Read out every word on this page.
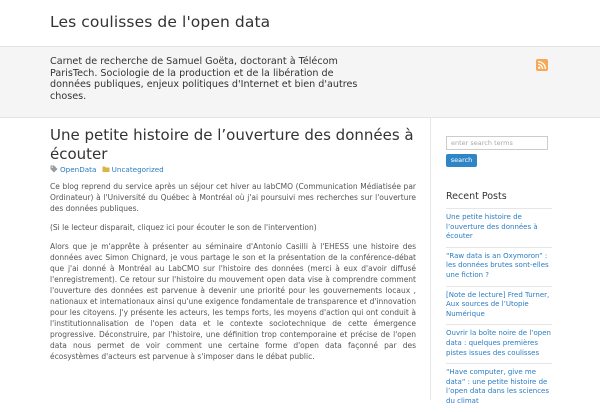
Les coulisses de l'open data
Carnet de recherche de Samuel Goëta, doctorant à Télécom ParisTech. Sociologie de la production et de la libération de données publiques, enjeux politiques d'Internet et bien d'autres choses.
Une petite histoire de l’ouverture des données à écouter
OpenData Uncategorized

Ce blog reprend du service après un séjour cet hiver au labCMO (Communication Médiatisée par Ordinateur) à l'Université du Québec à Montréal où j'ai poursuivi mes recherches sur l'ouverture des données publiques.

(Si le lecteur disparait, cliquez ici pour écouter le son de l'intervention)

Alors que je m'apprête à présenter au séminaire d'Antonio Casilli à l'EHESS une histoire des données avec Simon Chignard, je vous partage le son et la présentation de la conférence-débat que j'ai donné à Montréal au LabCMO sur l'histoire des données (merci à eux d'avoir diffusé l'enregistrement). Ce retour sur l'histoire du mouvement open data vise à comprendre comment l'ouverture des données est parvenue à devenir une priorité pour les gouvernements locaux , nationaux et internationaux ainsi qu'une exigence fondamentale de transparence et d'innovation pour les citoyens. J'y présente les acteurs, les temps forts, les moyens d'action qui ont conduit à l'institutionnalisation de l'open data et le contexte sociotechnique de cette émergence progressive. Déconstruire, par l'histoire, une définition trop contemporaine et précise de l'open data nous permet de voir comment une certaine forme d'open data façonné par des écosystèmes d'acteurs est parvenue à s'imposer dans le débat public.

enter search terms
search
Recent Posts
Une petite histoire de l’ouverture des données à écouter
“Raw data is an Oxymoron” : les données brutes sont-elles une fiction ?
[Note de lecture] Fred Turner, Aux sources de l’Utopie Numérique
Ouvrir la boîte noire de l’open data : quelques premières pistes issues des coulisses
“Have computer, give me data” : une petite histoire de l’open data dans les sciences du climat
